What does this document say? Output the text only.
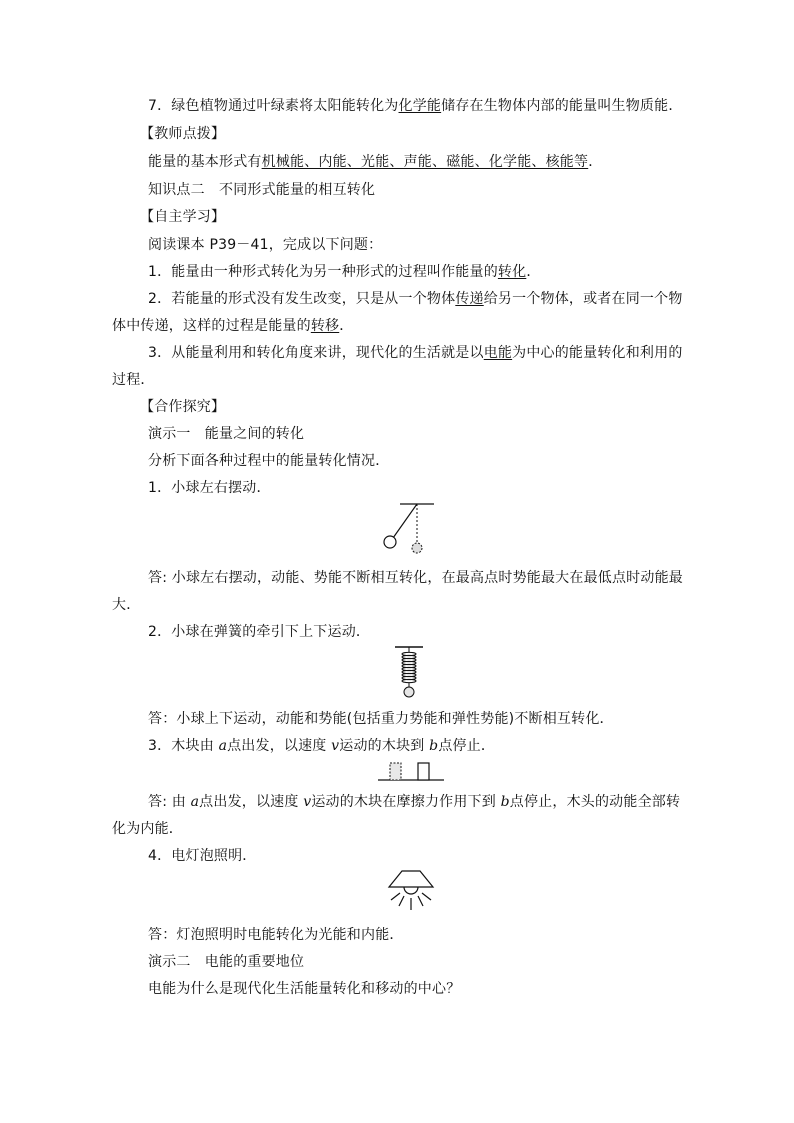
7．绿色植物通过叶绿素将太阳能转化为化学能储存在生物体内部的能量叫生物质能．
【教师点拨】
能量的基本形式有机械能、内能、光能、声能、磁能、化学能、核能等．
知识点二　不同形式能量的相互转化
【自主学习】
阅读课本 P39－41，完成以下问题：
1．能量由一种形式转化为另一种形式的过程叫作能量的转化．
2．若能量的形式没有发生改变，只是从一个物体传递给另一个物体，或者在同一个物
体中传递，这样的过程是能量的转移．
3．从能量利用和转化角度来讲，现代化的生活就是以电能为中心的能量转化和利用的
过程．
【合作探究】
演示一　能量之间的转化
分析下面各种过程中的能量转化情况．
1．小球左右摆动．
答: 小球左右摆动，动能、势能不断相互转化，在最高点时势能最大在最低点时动能最
大．
2．小球在弹簧的牵引下上下运动．
答：小球上下运动，动能和势能(包括重力势能和弹性势能)不断相互转化．
3．木块由 a点出发，以速度 v运动的木块到 b点停止．
答: 由 a点出发，以速度 v运动的木块在摩擦力作用下到 b点停止，木头的动能全部转
化为内能．
4．电灯泡照明．
答：灯泡照明时电能转化为光能和内能．
演示二　电能的重要地位
电能为什么是现代化生活能量转化和移动的中心？
